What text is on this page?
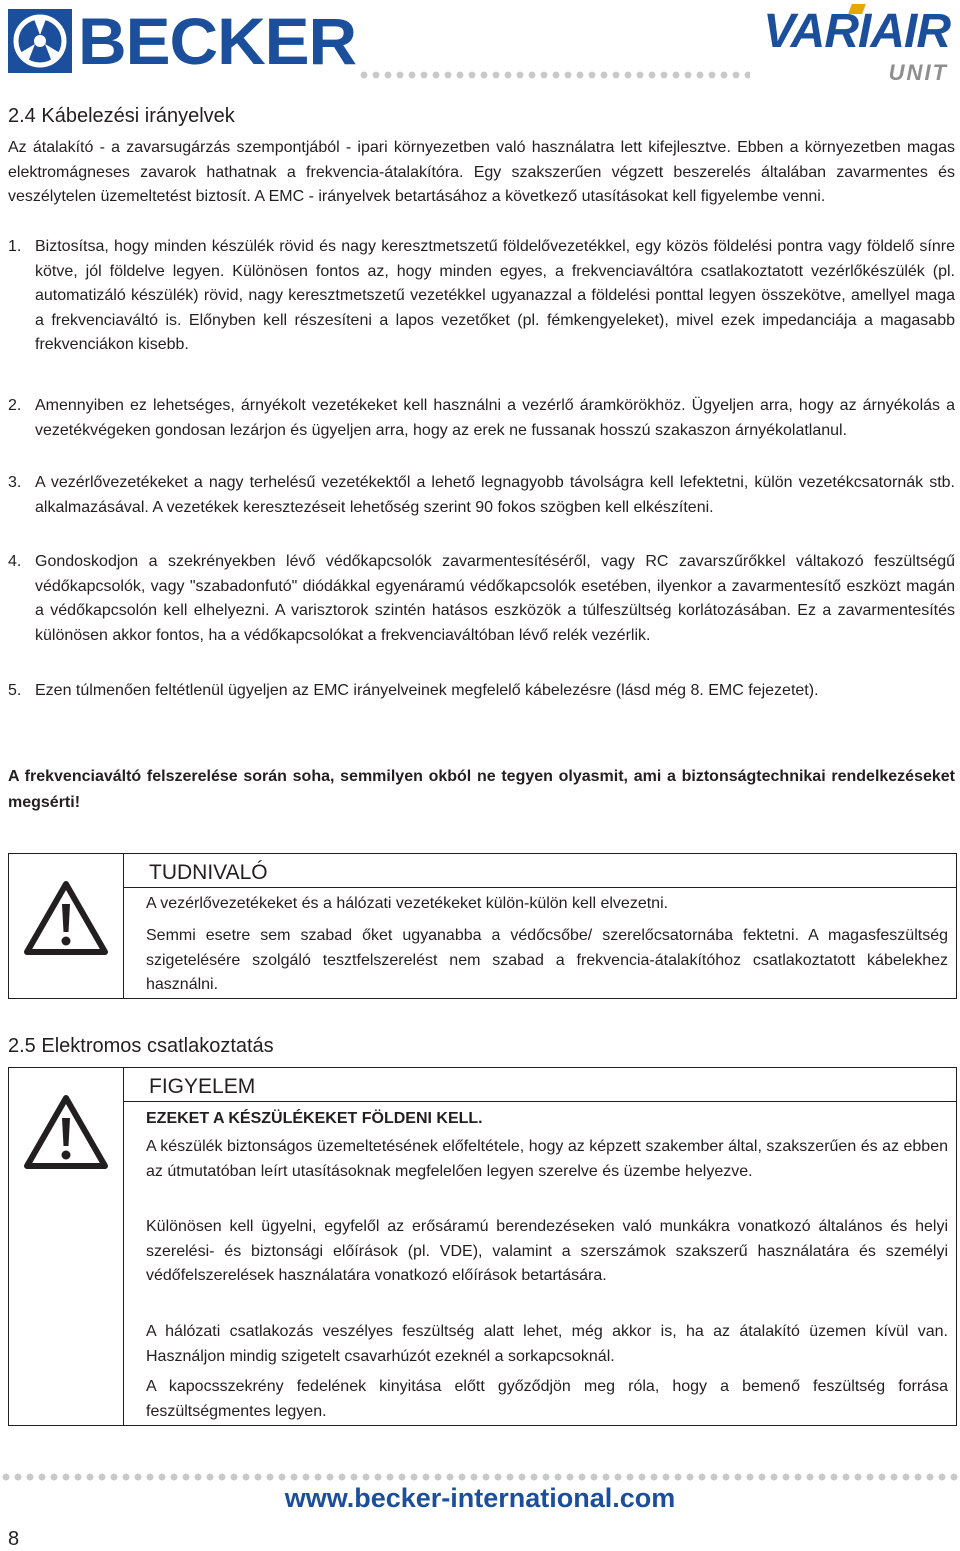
BECKER	VARIAIR
UNIT
2.4 Kábelezési irányelvek
Az átalakító - a zavarsugárzás szempontjából - ipari környezetben való használatra lett kifejlesztve. Ebben a környezetben magas elektromágneses zavarok hathatnak a frekvencia-átalakítóra. Egy szakszerűen végzett beszerelés általában zavarmentes és veszélytelen üzemeltetést biztosít. A EMC - irányelvek betartásához a következő utasításokat kell figyelembe venni.
1. Biztosítsa, hogy minden készülék rövid és nagy keresztmetszetű földelővezetékkel, egy közös földelési pontra vagy földelő sínre kötve, jól földelve legyen. Különösen fontos az, hogy minden egyes, a frekvenciaváltóra csatlakoztatott vezérlőkészülék (pl. automatizáló készülék) rövid, nagy keresztmetszetű vezetékkel ugyanazzal a földelési ponttal legyen összekötve, amellyel maga a frekvenciaváltó is. Előnyben kell részesíteni a lapos vezetőket (pl. fémkengyeleket), mivel ezek impedanciája a magasabb frekvenciákon kisebb.
2. Amennyiben ez lehetséges, árnyékolt vezetékeket kell használni a vezérlő áramkörökhöz. Ügyeljen arra, hogy az árnyékolás a vezetékvégeken gondosan lezárjon és ügyeljen arra, hogy az erek ne fussanak hosszú szakaszon árnyékolatlanul.
3. A vezérlővezetékeket a nagy terhelésű vezetékektől a lehető legnagyobb távolságra kell lefektetni, külön vezetékcsatornák stb. alkalmazásával. A vezetékek keresztezéseit lehetőség szerint 90 fokos szögben kell elkészíteni.
4. Gondoskodjon a szekrényekben lévő védőkapcsolók zavarmentesítéséről, vagy RC zavarszűrőkkel váltakozó feszültségű védőkapcsolók, vagy "szabadonfutó" diódákkal egyenáramú védőkapcsolók esetében, ilyenkor a zavarmentesítő eszközt magán a védőkapcsolón kell elhelyezni. A varisztorok szintén hatásos eszközök a túlfeszültség korlátozásában. Ez a zavarmentesítés különösen akkor fontos, ha a védőkapcsolókat a frekvenciaváltóban lévő relék vezérlik.
5. Ezen túlmenően feltétlenül ügyeljen az EMC irányelveinek megfelelő kábelezésre (lásd még 8. EMC fejezetet).
A frekvenciaváltó felszerelése során soha, semmilyen okból ne tegyen olyasmit, ami a biztonságtechnikai rendelkezéseket megsérti!
TUDNIVALÓ
A vezérlővezetékeket és a hálózati vezetékeket külön-külön kell elvezetni.
Semmi esetre sem szabad őket ugyanabba a védőcsőbe/ szerelőcsatornába fektetni. A magasfeszültség szigetelésére szolgáló tesztfelszerelést nem szabad a frekvencia-átalakítóhoz csatlakoztatott kábelekhez használni.
2.5 Elektromos csatlakoztatás
FIGYELEM
EZEKET A KÉSZÜLÉKEKET FÖLDENI KELL.
A készülék biztonságos üzemeltetésének előfeltétele, hogy az képzett szakember által, szakszerűen és az ebben az útmutatóban leírt utasításoknak megfelelően legyen szerelve és üzembe helyezve.
Különösen kell ügyelni, egyfelől az erősáramú berendezéseken való munkákra vonatkozó általános és helyi szerelési- és biztonsági előírások (pl. VDE), valamint a szerszámok szakszerű használatára és személyi védőfelszerelések használatára vonatkozó előírások betartására.
A hálózati csatlakozás veszélyes feszültség alatt lehet, még akkor is, ha az átalakító üzemen kívül van. Használjon mindig szigetelt csavarhúzót ezeknél a sorkapcsoknál.
A kapocsszekrény fedelének kinyitása előtt győződjön meg róla, hogy a bemenő feszültség forrása feszültségmentes legyen.
www.becker-international.com
8
